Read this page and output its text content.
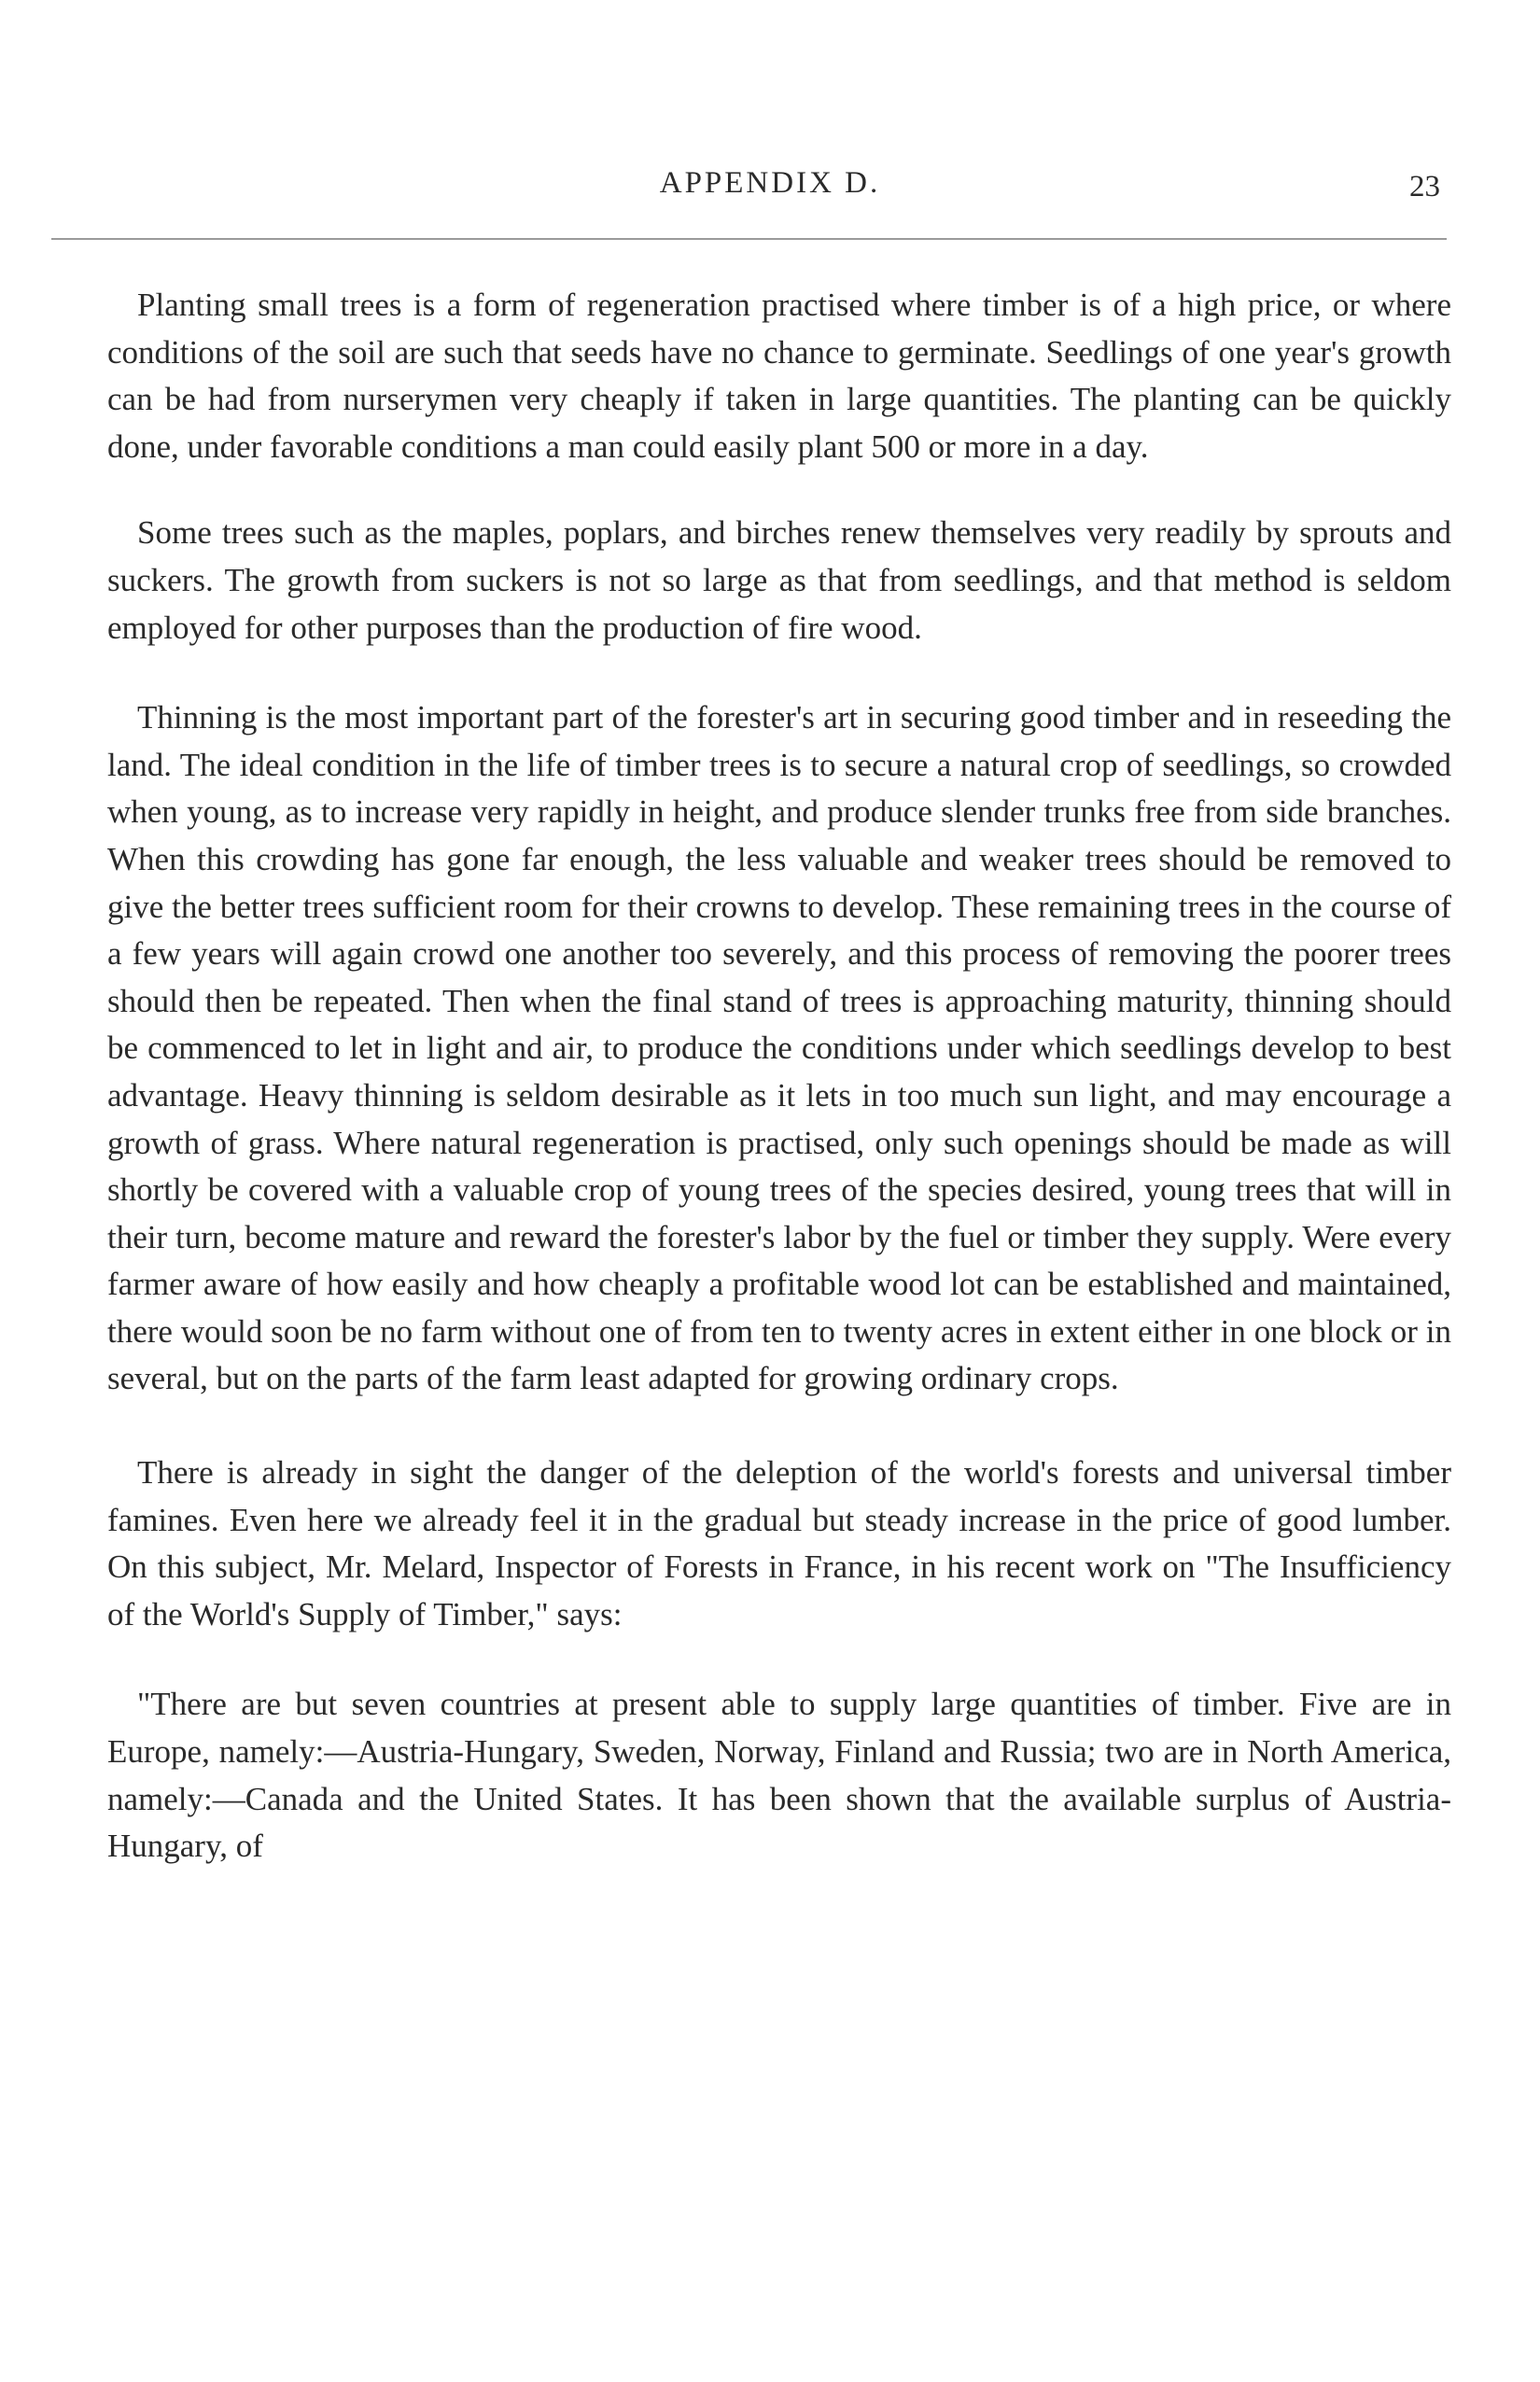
APPENDIX D.	23

Planting small trees is a form of regeneration practised where timber is of a high price, or where conditions of the soil are such that seeds have no chance to germinate. Seedlings of one year's growth can be had from nurserymen very cheaply if taken in large quantities. The planting can be quickly done, under favorable conditions a man could easily plant 500 or more in a day.

Some trees such as the maples, poplars, and birches renew themselves very readily by sprouts and suckers. The growth from suckers is not so large as that from seedlings, and that method is seldom employed for other purposes than the production of fire wood.

Thinning is the most important part of the forester's art in securing good timber and in reseeding the land. The ideal condition in the life of timber trees is to secure a natural crop of seedlings, so crowded when young, as to increase very rapidly in height, and produce slender trunks free from side branches. When this crowding has gone far enough, the less valuable and weaker trees should be removed to give the better trees sufficient room for their crowns to develop. These remaining trees in the course of a few years will again crowd one another too severely, and this process of removing the poorer trees should then be repeated. Then when the final stand of trees is approaching maturity, thinning should be commenced to let in light and air, to produce the conditions under which seedlings develop to best advantage. Heavy thinning is seldom desirable as it lets in too much sun light, and may encourage a growth of grass. Where natural regeneration is practised, only such openings should be made as will shortly be covered with a valuable crop of young trees of the species desired, young trees that will in their turn, become mature and reward the forester's labor by the fuel or timber they supply. Were every farmer aware of how easily and how cheaply a profitable wood lot can be established and maintained, there would soon be no farm without one of from ten to twenty acres in extent either in one block or in several, but on the parts of the farm least adapted for growing ordinary crops.

There is already in sight the danger of the deleption of the world's forests and universal timber famines. Even here we already feel it in the gradual but steady increase in the price of good lumber. On this subject, Mr. Melard, Inspector of Forests in France, in his recent work on "The Insufficiency of the World's Supply of Timber," says:

"There are but seven countries at present able to supply large quantities of timber. Five are in Europe, namely:—Austria-Hungary, Sweden, Norway, Finland and Russia; two are in North America, namely:—Canada and the United States. It has been shown that the available surplus of Austria-Hungary, of
